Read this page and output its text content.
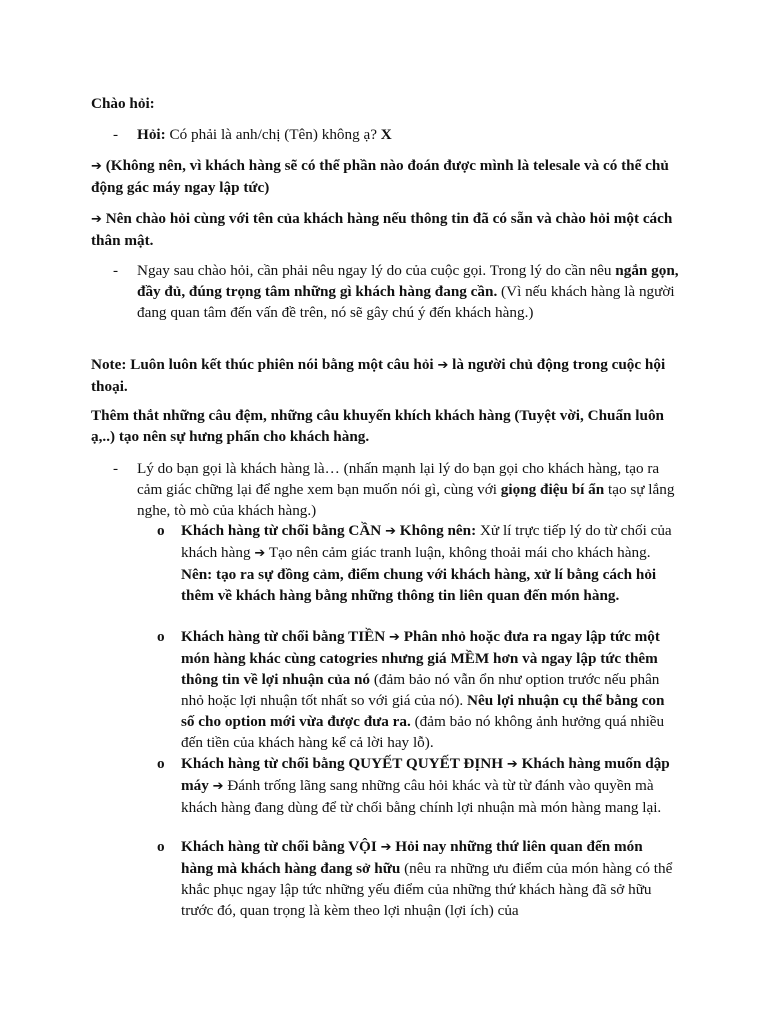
Chào hỏi:

-	Hỏi: Có phải là anh/chị (Tên) không ạ? X

➔ (Không nên, vì khách hàng sẽ có thể phần nào đoán được mình là telesale và có thể chủ động gác máy ngay lập tức)

➔ Nên chào hỏi cùng với tên của khách hàng nếu thông tin đã có sẵn và chào hỏi một cách thân mật.

-	Ngay sau chào hỏi, cần phải nêu ngay lý do của cuộc gọi. Trong lý do cần nêu ngắn gọn, đầy đủ, đúng trọng tâm những gì khách hàng đang cần. (Vì nếu khách hàng là người đang quan tâm đến vấn đề trên, nó sẽ gây chú ý đến khách hàng.)

Note: Luôn luôn kết thúc phiên nói bằng một câu hỏi ➔ là người chủ động trong cuộc hội thoại.

Thêm thắt những câu đệm, những câu khuyến khích khách hàng (Tuyệt vời, Chuẩn luôn ạ,..) tạo nên sự hưng phấn cho khách hàng.

-	Lý do bạn gọi là khách hàng là… (nhấn mạnh lại lý do bạn gọi cho khách hàng, tạo ra cảm giác chững lại để nghe xem bạn muốn nói gì, cùng với giọng điệu bí ẩn tạo sự lắng nghe, tò mò của khách hàng.)
o Khách hàng từ chối bằng CẦN ➔ Không nên: Xử lí trực tiếp lý do từ chối của khách hàng ➔ Tạo nên cảm giác tranh luận, không thoải mái cho khách hàng. Nên: tạo ra sự đồng cảm, điểm chung với khách hàng, xử lí bằng cách hỏi thêm về khách hàng bằng những thông tin liên quan đến món hàng.
o Khách hàng từ chối bằng TIỀN ➔ Phân nhỏ hoặc đưa ra ngay lập tức một món hàng khác cùng catogries nhưng giá MỀM hơn và ngay lập tức thêm thông tin về lợi nhuận của nó (đảm bảo nó vẫn ổn như option trước nếu phân nhỏ hoặc lợi nhuận tốt nhất so với giá của nó). Nêu lợi nhuận cụ thể bằng con số cho option mới vừa được đưa ra. (đảm bảo nó không ảnh hưởng quá nhiều đến tiền của khách hàng kể cả lời hay lỗ).
o Khách hàng từ chối bằng QUYẾT QUYẾT ĐỊNH ➔ Khách hàng muốn dập máy ➔ Đánh trống lãng sang những câu hỏi khác và từ từ đánh vào quyền mà khách hàng đang dùng để từ chối bằng chính lợi nhuận mà món hàng mang lại.
o Khách hàng từ chối bằng VỘI ➔ Hỏi nay những thứ liên quan đến món hàng mà khách hàng đang sở hữu (nêu ra những ưu điểm của món hàng có thể khắc phục ngay lập tức những yếu điểm của những thứ khách hàng đã sở hữu trước đó, quan trọng là kèm theo lợi nhuận (lợi ích) của
